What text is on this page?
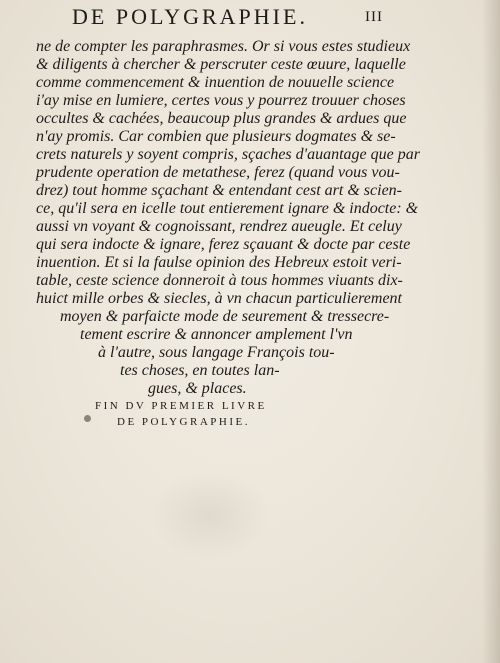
DE POLYGRAPHIE.	III
ne de compter les paraphrasmes. Or si vous estes studieux
& diligents à chercher & perscruter ceste œuure, laquelle
comme commencement & inuention de nouuelle science
i'ay mise en lumiere, certes vous y pourrez trouuer choses
occultes & cachées, beaucoup plus grandes & ardues que
n'ay promis. Car combien que plusieurs dogmates & se-
crets naturels y soyent compris, sçaches d'auantage que par
prudente operation de metathese, ferez (quand vous vou-
drez) tout homme sçachant & entendant cest art & scien-
ce, qu'il sera en icelle tout entierement ignare & indocte: &
aussi vn voyant & cognoissant, rendrez aueugle. Et celuy
qui sera indocte & ignare, ferez sçauant & docte par ceste
inuention. Et si la faulse opinion des Hebreux estoit veri-
table, ceste science donneroit à tous hommes viuants dix-
huict mille orbes & siecles, à vn chacun particulierement
moyen & parfaicte mode de seurement & tressecre-
tement escrire & annoncer amplement l'vn
à l'autre, sous langage François tou-
tes choses, en toutes lan-
gues, & places.
FIN DV PREMIER LIVRE
DE POLYGRAPHIE.
